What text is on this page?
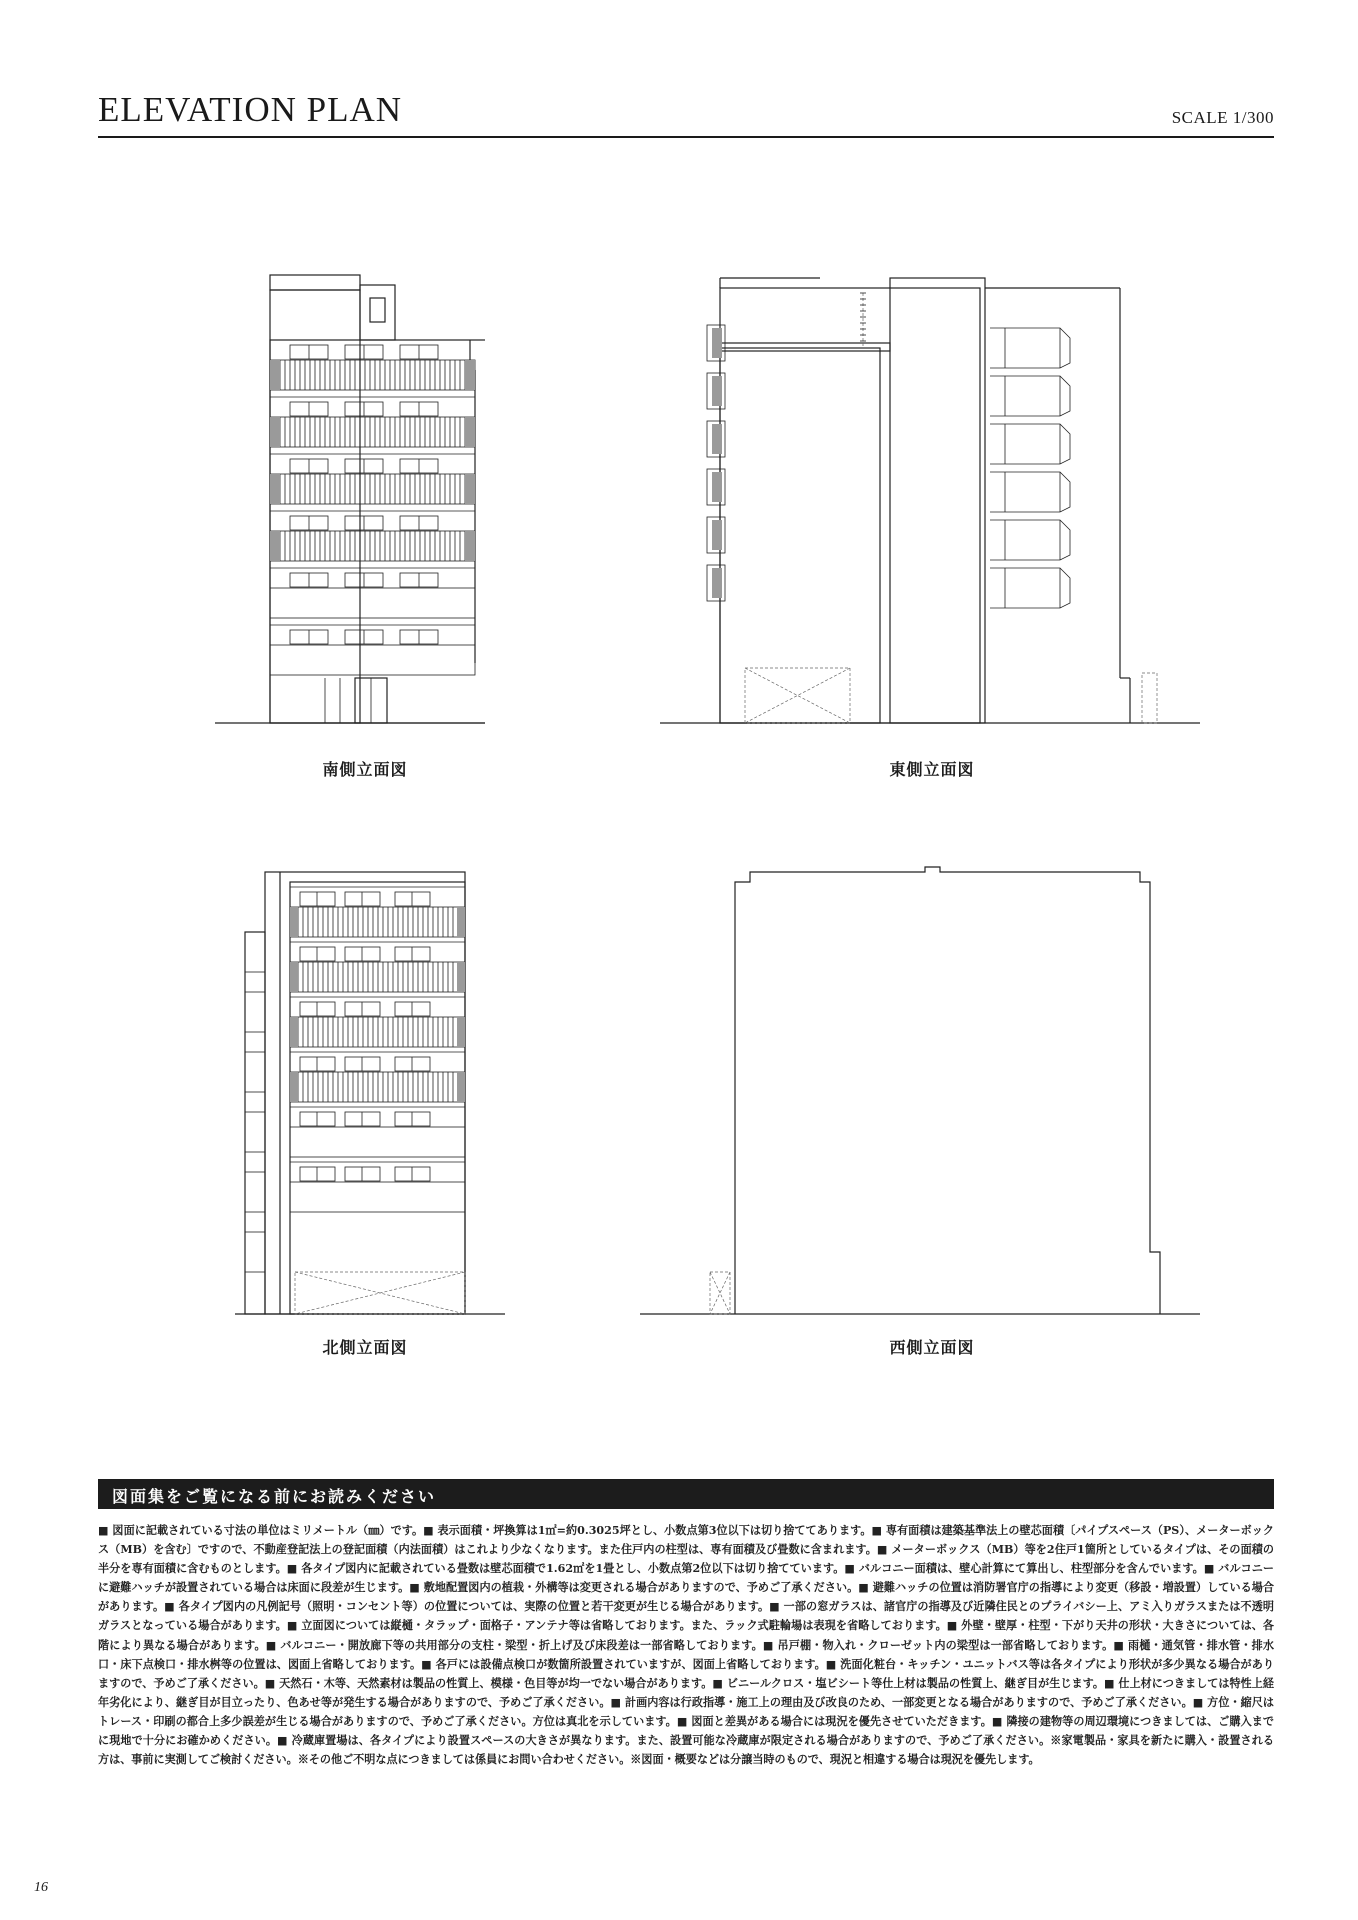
ELEVATION PLAN	SCALE 1/300
南側立面図	東側立面図
北側立面図	西側立面図
図面集をご覧になる前にお読みください
■ 図面に記載されている寸法の単位はミリメートル（㎜）です。■ 表示面積・坪換算は1㎡=約0.3025坪とし、小数点第3位以下は切り捨ててあります。■ 専有面積は建築基準法上の壁芯面積〔パイプスペース（PS）、メーターボックス（MB）を含む〕ですので、不動産登記法上の登記面積（内法面積）はこれより少なくなります。また住戸内の柱型は、専有面積及び畳数に含まれます。■ メーターボックス（MB）等を2住戸1箇所としているタイプは、その面積の半分を専有面積に含むものとします。■ 各タイプ図内に記載されている畳数は壁芯面積で1.62㎡を1畳とし、小数点第2位以下は切り捨てています。■ バルコニー面積は、壁心計算にて算出し、柱型部分を含んでいます。■ バルコニーに避難ハッチが設置されている場合は床面に段差が生じます。■ 敷地配置図内の植栽・外構等は変更される場合がありますので、予めご了承ください。■ 避難ハッチの位置は消防署官庁の指導により変更（移設・増設置）している場合があります。■ 各タイプ図内の凡例記号（照明・コンセント等）の位置については、実際の位置と若干変更が生じる場合があります。■ 一部の窓ガラスは、諸官庁の指導及び近隣住民とのプライバシー上、アミ入りガラスまたは不透明ガラスとなっている場合があります。■ 立面図については縦樋・タラップ・面格子・アンテナ等は省略しております。また、ラック式駐輪場は表現を省略しております。■ 外壁・壁厚・柱型・下がり天井の形状・大きさについては、各階により異なる場合があります。■ バルコニー・開放廊下等の共用部分の支柱・梁型・折上げ及び床段差は一部省略しております。■ 吊戸棚・物入れ・クローゼット内の梁型は一部省略しております。■ 雨樋・通気管・排水管・排水口・床下点検口・排水桝等の位置は、図面上省略しております。■ 各戸には設備点検口が数箇所設置されていますが、図面上省略しております。■ 洗面化粧台・キッチン・ユニットバス等は各タイプにより形状が多少異なる場合がありますので、予めご了承ください。■ 天然石・木等、天然素材は製品の性質上、模様・色目等が均一でない場合があります。■ ビニールクロス・塩ビシート等仕上材は製品の性質上、継ぎ目が生じます。■ 仕上材につきましては特性上経年劣化により、継ぎ目が目立ったり、色あせ等が発生する場合がありますので、予めご了承ください。■ 計画内容は行政指導・施工上の理由及び改良のため、一部変更となる場合がありますので、予めご了承ください。■ 方位・縮尺はトレース・印刷の都合上多少誤差が生じる場合がありますので、予めご了承ください。方位は真北を示しています。■ 図面と差異がある場合には現況を優先させていただきます。■ 隣接の建物等の周辺環境につきましては、ご購入までに現地で十分にお確かめください。■ 冷蔵庫置場は、各タイプにより設置スペースの大きさが異なります。また、設置可能な冷蔵庫が限定される場合がありますので、予めご了承ください。※家電製品・家具を新たに購入・設置される方は、事前に実測してご検討ください。※その他ご不明な点につきましては係員にお問い合わせください。※図面・概要などは分譲当時のもので、現況と相違する場合は現況を優先します。
16
